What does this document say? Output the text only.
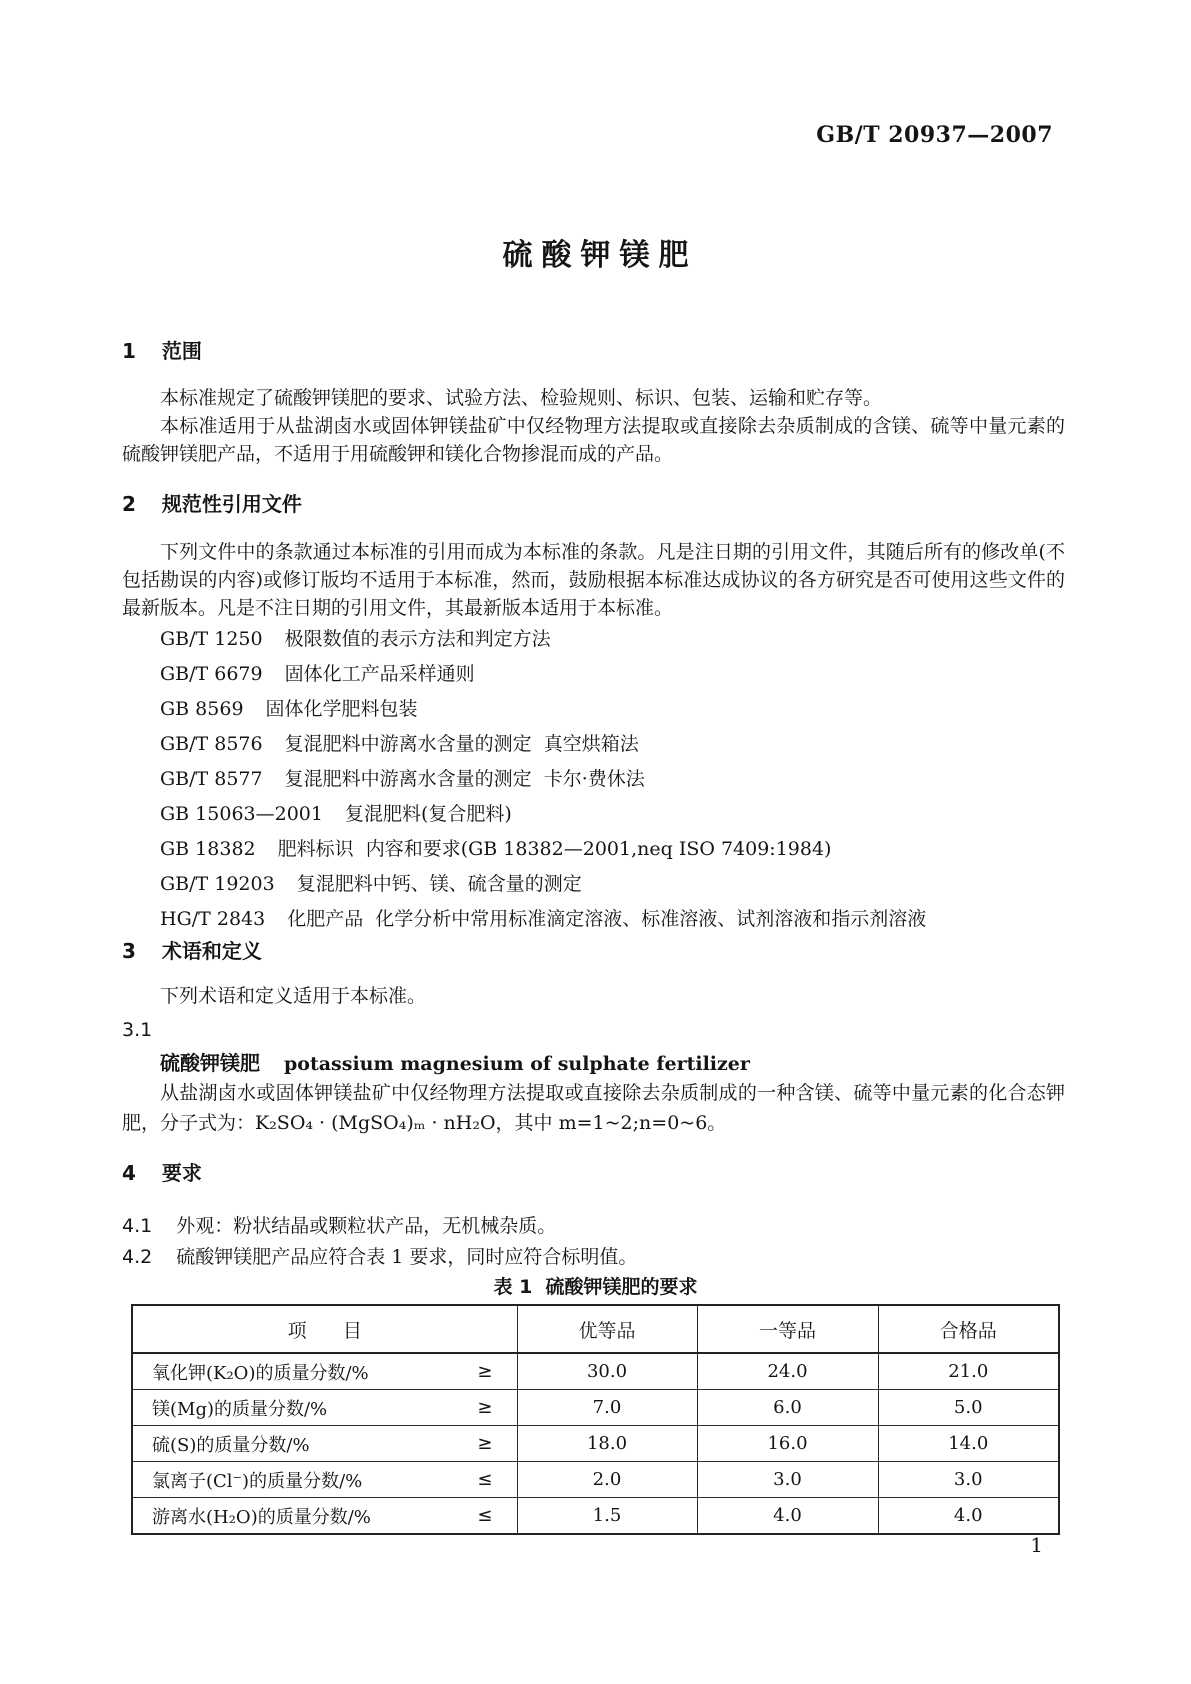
GB/T 20937—2007
硫酸钾镁肥
1 范围

本标准规定了硫酸钾镁肥的要求、试验方法、检验规则、标识、包装、运输和贮存等。

本标准适用于从盐湖卤水或固体钾镁盐矿中仅经物理方法提取或直接除去杂质制成的含镁、硫等中量元素的硫酸钾镁肥产品，不适用于用硫酸钾和镁化合物掺混而成的产品。

2 规范性引用文件

下列文件中的条款通过本标准的引用而成为本标准的条款。凡是注日期的引用文件，其随后所有的修改单(不包括勘误的内容)或修订版均不适用于本标准，然而，鼓励根据本标准达成协议的各方研究是否可使用这些文件的最新版本。凡是不注日期的引用文件，其最新版本适用于本标准。

GB/T 1250 极限数值的表示方法和判定方法
GB/T 6679 固体化工产品采样通则
GB 8569 固体化学肥料包装
GB/T 8576 复混肥料中游离水含量的测定  真空烘箱法
GB/T 8577 复混肥料中游离水含量的测定  卡尔·费休法
GB 15063—2001 复混肥料(复合肥料)
GB 18382 肥料标识  内容和要求(GB 18382—2001,neq ISO 7409:1984)
GB/T 19203 复混肥料中钙、镁、硫含量的测定
HG/T 2843 化肥产品  化学分析中常用标准滴定溶液、标准溶液、试剂溶液和指示剂溶液
3 术语和定义

下列术语和定义适用于本标准。

3.1
硫酸钾镁肥 potassium magnesium of sulphate fertilizer

从盐湖卤水或固体钾镁盐矿中仅经物理方法提取或直接除去杂质制成的一种含镁、硫等中量元素的化合态钾肥，分子式为：K₂SO₄ · (MgSO₄)ₘ · nH₂O，其中 m=1~2;n=0~6。

4 要求
4.1 外观：粉状结晶或颗粒状产品，无机械杂质。
4.2 硫酸钾镁肥产品应符合表 1 要求，同时应符合标明值。
表 1  硫酸钾镁肥的要求
项      目	优等品	一等品	合格品

氧化钾(K₂O)的质量分数/% ≥	30.0	24.0	21.0

镁(Mg)的质量分数/% ≥	7.0	6.0	5.0

硫(S)的质量分数/% ≥	18.0	16.0	14.0

氯离子(Cl⁻)的质量分数/% ≤	2.0	3.0	3.0

游离水(H₂O)的质量分数/% ≤	1.5	4.0	4.0
1
